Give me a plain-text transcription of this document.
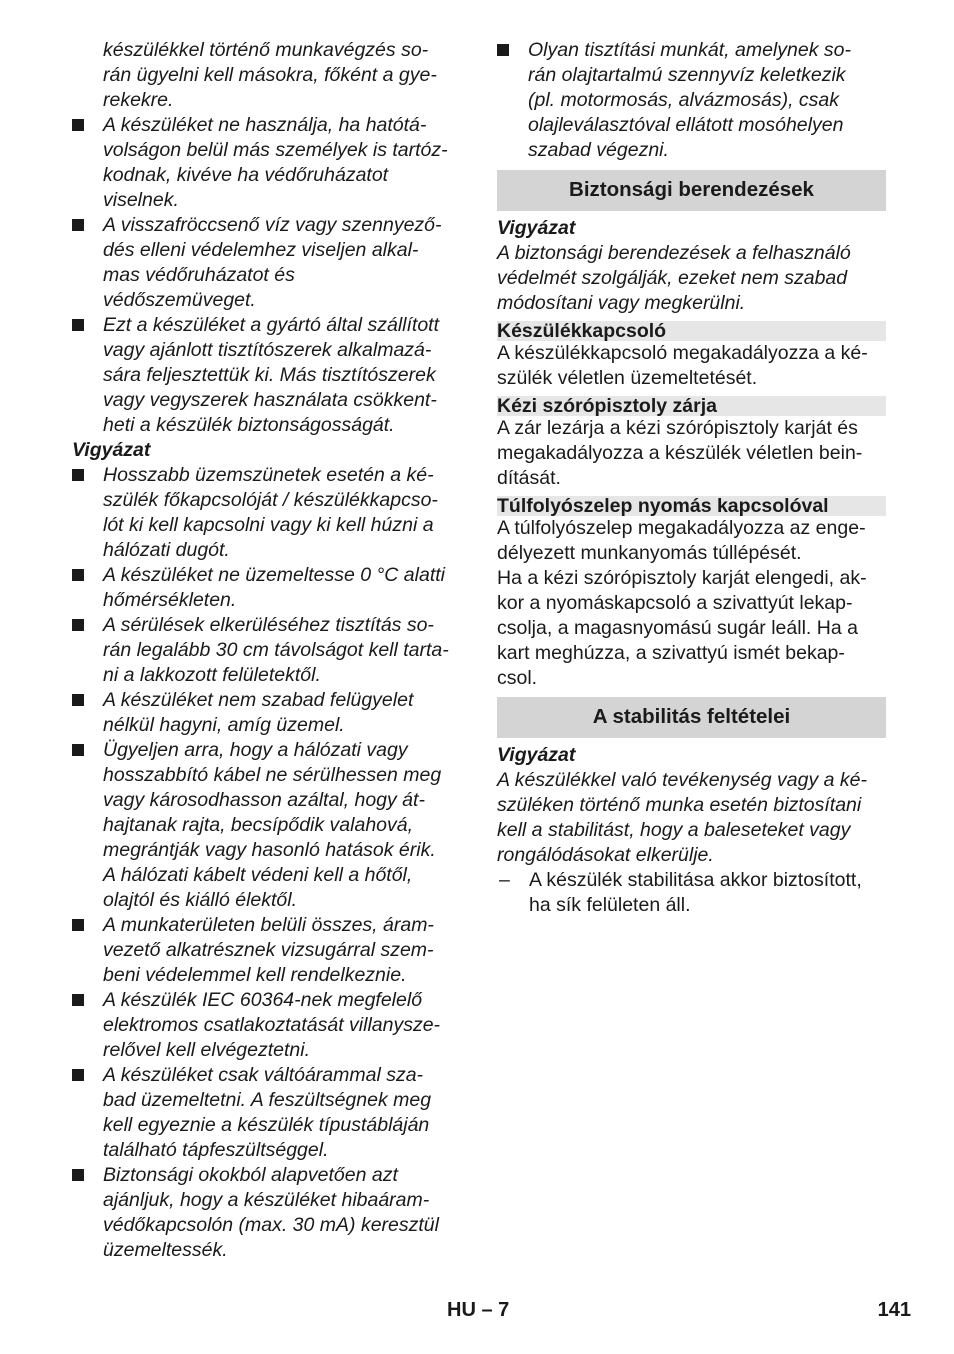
készülékkel történő munkavégzés so-
rán ügyelni kell másokra, főként a gye-
rekekre.
A készüléket ne használja, ha hatótá-
volságon belül más személyek is tartóz-
kodnak, kivéve ha védőruházatot
viselnek.
A visszafröccsenő víz vagy szennyező-
dés elleni védelemhez viseljen alkal-
mas védőruházatot és
védőszemüveget.
Ezt a készüléket a gyártó által szállított
vagy ajánlott tisztítószerek alkalmazá-
sára feljesztettük ki. Más tisztítószerek
vagy vegyszerek használata csökkent-
heti a készülék biztonságosságát.
Vigyázat
Hosszabb üzemszünetek esetén a ké-
szülék főkapcsolóját / készülékkapcso-
lót ki kell kapcsolni vagy ki kell húzni a
hálózati dugót.
A készüléket ne üzemeltesse 0 °C alatti
hőmérsékleten.
A sérülések elkerüléséhez tisztítás so-
rán legalább 30 cm távolságot kell tarta-
ni a lakkozott felületektől.
A készüléket nem szabad felügyelet
nélkül hagyni, amíg üzemel.
Ügyeljen arra, hogy a hálózati vagy
hosszabbító kábel ne sérülhessen meg
vagy károsodhasson azáltal, hogy át-
hajtanak rajta, becsípődik valahová,
megrántják vagy hasonló hatások érik.
A hálózati kábelt védeni kell a hőtől,
olajtól és kiálló élektől.
A munkaterületen belüli összes, áram-
vezető alkatrésznek vizsugárral szem-
beni védelemmel kell rendelkeznie.
A készülék IEC 60364-nek megfelelő
elektromos csatlakoztatását villanysze-
relővel kell elvégeztetni.
A készüléket csak váltóárammal sza-
bad üzemeltetni. A feszültségnek meg
kell egyeznie a készülék típustábláján
található tápfeszültséggel.
Biztonsági okokból alapvetően azt
ajánljuk, hogy a készüléket hibaáram-
védőkapcsolón (max. 30 mA) keresztül
üzemeltessék.
Olyan tisztítási munkát, amelynek so-
rán olajtartalmú szennyvíz keletkezik
(pl. motormosás, alvázmosás), csak
olajleválasztóval ellátott mosóhelyen
szabad végezni.
Biztonsági berendezések
Vigyázat
A biztonsági berendezések a felhasználó
védelmét szolgálják, ezeket nem szabad
módosítani vagy megkerülni.
Készülékkapcsoló
A készülékkapcsoló megakadályozza a ké-
szülék véletlen üzemeltetését.
Kézi szórópisztoly zárja
A zár lezárja a kézi szórópisztoly karját és
megakadályozza a készülék véletlen bein-
dítását.
Túlfolyószelep nyomás kapcsolóval
A túlfolyószelep megakadályozza az enge-
délyezett munkanyomás túllépését.
Ha a kézi szórópisztoly karját elengedi, ak-
kor a nyomáskapcsoló a szivattyút lekap-
csolja, a magasnyomású sugár leáll. Ha a
kart meghúzza, a szivattyú ismét bekap-
csol.
A stabilitás feltételei
Vigyázat
A készülékkel való tevékenység vagy a ké-
szüléken történő munka esetén biztosítani
kell a stabilitást, hogy a baleseteket vagy
rongálódásokat elkerülje.
– A készülék stabilitása akkor biztosított,
ha sík felületen áll.
HU – 7	141
